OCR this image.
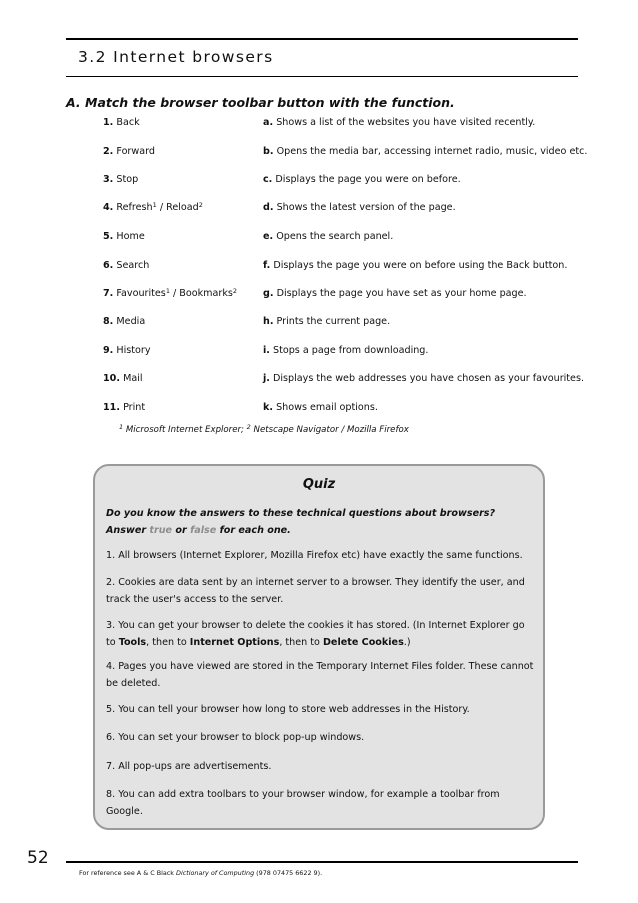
3.2 Internet browsers
A. Match the browser toolbar button with the function.
1. Back	a. Shows a list of the websites you have visited recently.
2. Forward	b. Opens the media bar, accessing internet radio, music, video etc.
3. Stop	c. Displays the page you were on before.
4. Refresh$^1$ / Reload$^2$	d. Shows the latest version of the page.
5. Home	e. Opens the search panel.
6. Search	f. Displays the page you were on before using the Back button.
7. Favourites$^1$ / Bookmarks$^2$	g. Displays the page you have set as your home page.
8. Media	h. Prints the current page.
9. History	i. Stops a page from downloading.
10. Mail	j. Displays the web addresses you have chosen as your favourites.
11. Print	k. Shows email options.
$^1$ Microsoft Internet Explorer; $^2$ Netscape Navigator / Mozilla Firefox
Quiz
Do you know the answers to these technical questions about browsers? Answer true or false for each one.
1. All browsers (Internet Explorer, Mozilla Firefox etc) have exactly the same functions.
2. Cookies are data sent by an internet server to a browser. They identify the user, and track the user's access to the server.
3. You can get your browser to delete the cookies it has stored. (In Internet Explorer go to Tools, then to Internet Options, then to Delete Cookies.)
4. Pages you have viewed are stored in the Temporary Internet Files folder. These cannot be deleted.
5. You can tell your browser how long to store web addresses in the History.
6. You can set your browser to block pop-up windows.
7. All pop-ups are advertisements.
8. You can add extra toolbars to your browser window, for example a toolbar from Google.
52
For reference see A & C Black Dictionary of Computing (978 07475 6622 9).
